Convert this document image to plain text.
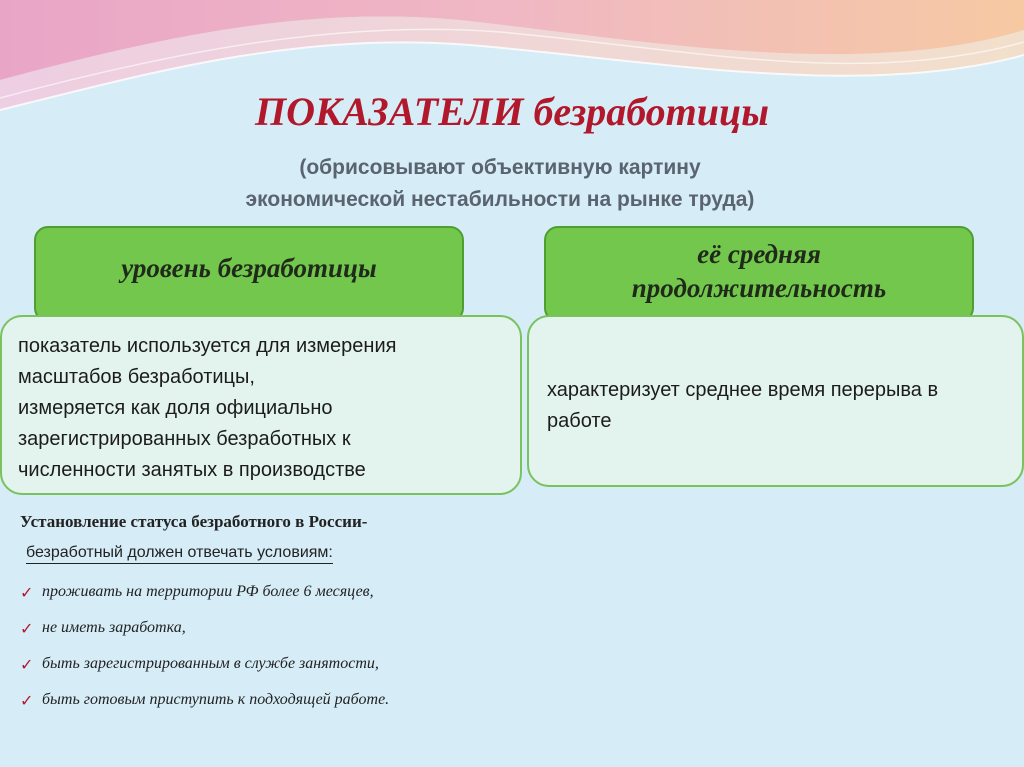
ПОКАЗАТЕЛИ безработицы
(обрисовывают объективную картину
экономической нестабильности на рынке труда)
уровень безработицы	её средняя
продолжительность

показатель используется для измерения

масштабов безработицы,

измеряется как доля официально

зарегистрированных безработных к

численности занятых в производстве

характеризует среднее время перерыва в

работе

Установление статуса безработного в России-

безработный должен отвечать условиям:
✓ проживать на территории РФ более 6 месяцев,
✓ не иметь заработка,
✓ быть зарегистрированным в службе занятости,
✓ быть готовым приступить к подходящей работе.
